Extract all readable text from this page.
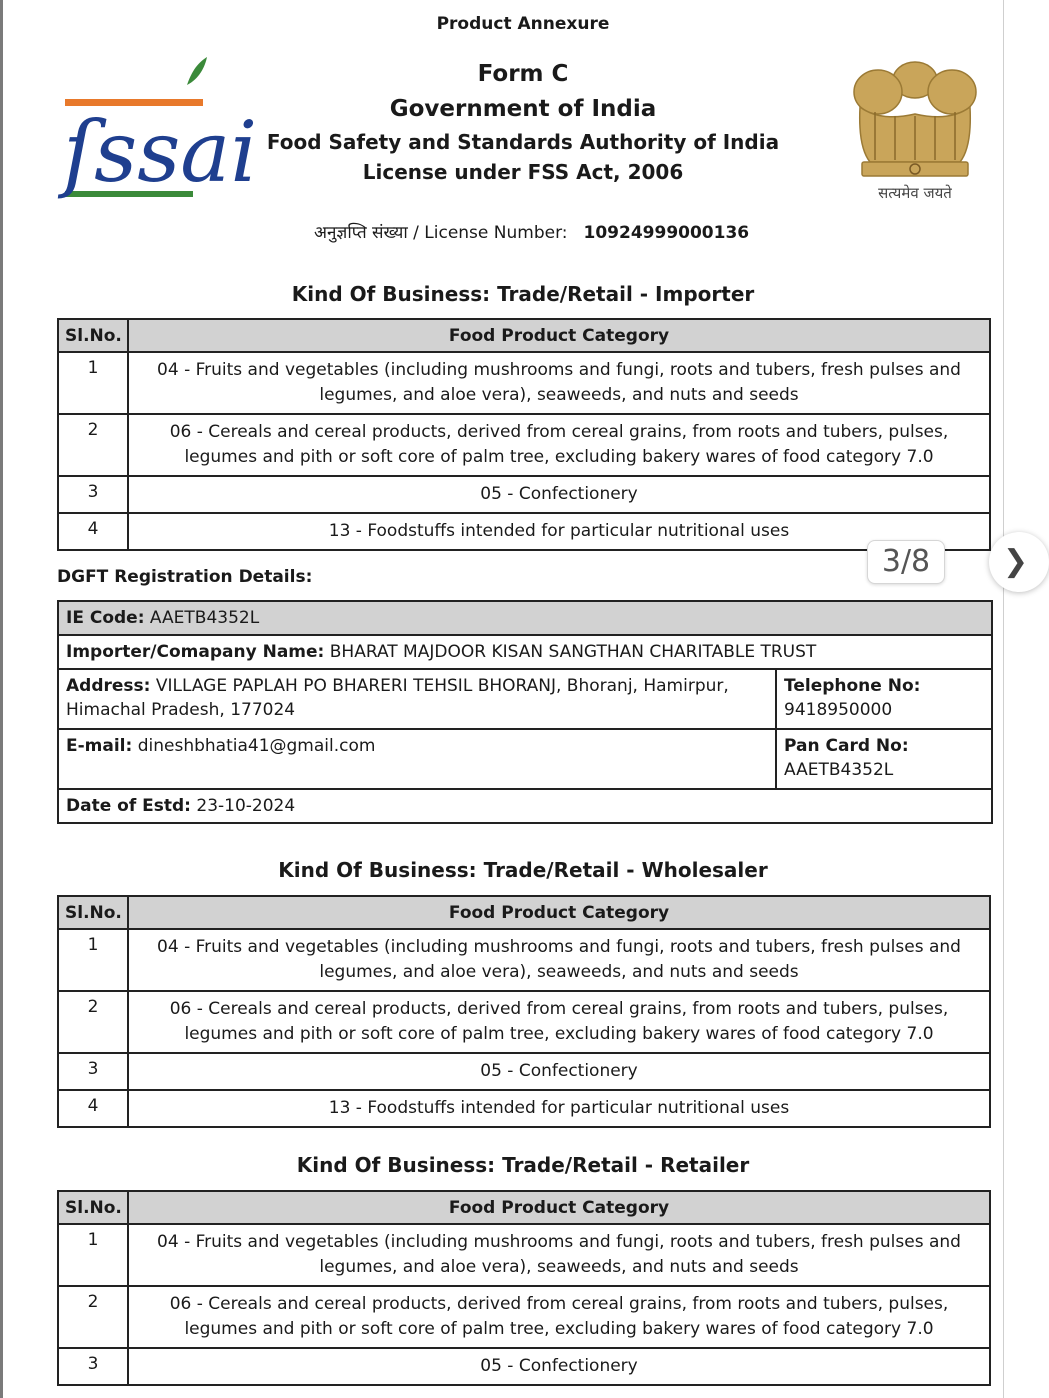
Product Annexure
ſssai	सत्यमेव जयते
Form C
Government of India
Food Safety and Standards Authority of India
License under FSS Act, 2006
अनुज्ञप्ति संख्या / License Number: 10924999000136
Kind Of Business: Trade/Retail - Importer
Sl.No.	Food Product Category
1	04 - Fruits and vegetables (including mushrooms and fungi, roots and tubers, fresh pulses and legumes, and aloe vera), seaweeds, and nuts and seeds
2	06 - Cereals and cereal products, derived from cereal grains, from roots and tubers, pulses, legumes and pith or soft core of palm tree, excluding bakery wares of food category 7.0
3	05 - Confectionery
4	13 - Foodstuffs intended for particular nutritional uses
3/8	❯
DGFT Registration Details:
IE Code: AAETB4352L	
Importer/Comapany Name: BHARAT MAJDOOR KISAN SANGTHAN CHARITABLE TRUST	
Address: VILLAGE PAPLAH PO BHARERI TEHSIL BHORANJ, Bhoranj, Hamirpur, Himachal Pradesh, 177024	Telephone No:
9418950000
E-mail: dineshbhatia41@gmail.com	Pan Card No:
AAETB4352L
Date of Estd: 23-10-2024	
Kind Of Business: Trade/Retail - Wholesaler
Sl.No.	Food Product Category
1	04 - Fruits and vegetables (including mushrooms and fungi, roots and tubers, fresh pulses and legumes, and aloe vera), seaweeds, and nuts and seeds
2	06 - Cereals and cereal products, derived from cereal grains, from roots and tubers, pulses, legumes and pith or soft core of palm tree, excluding bakery wares of food category 7.0
3	05 - Confectionery
4	13 - Foodstuffs intended for particular nutritional uses
Kind Of Business: Trade/Retail - Retailer
Sl.No.	Food Product Category
1	04 - Fruits and vegetables (including mushrooms and fungi, roots and tubers, fresh pulses and legumes, and aloe vera), seaweeds, and nuts and seeds
2	06 - Cereals and cereal products, derived from cereal grains, from roots and tubers, pulses, legumes and pith or soft core of palm tree, excluding bakery wares of food category 7.0
3	05 - Confectionery
